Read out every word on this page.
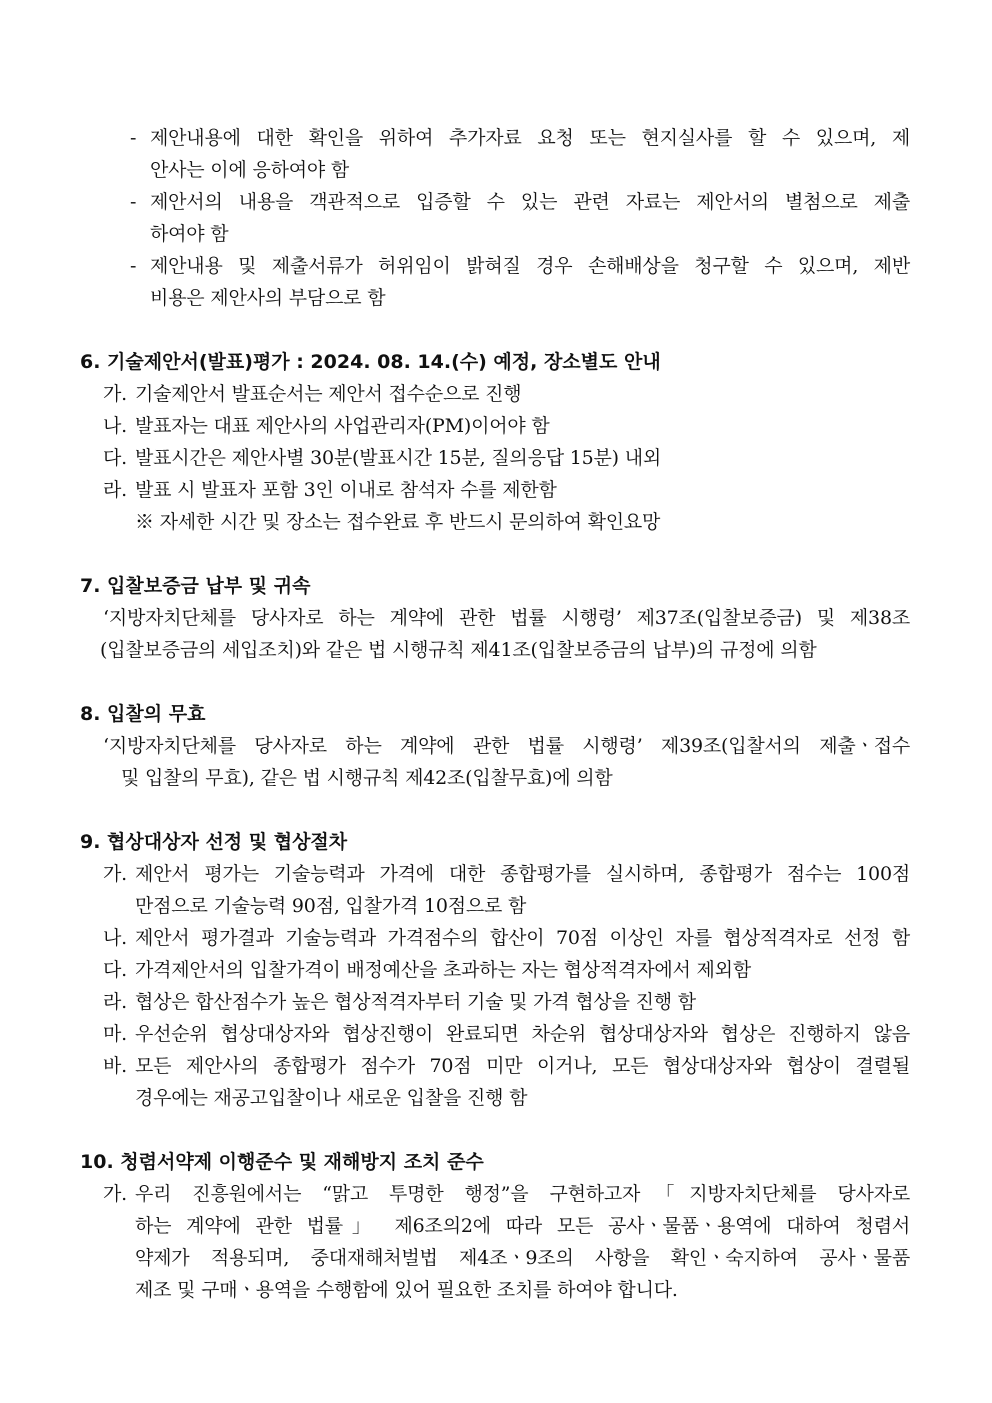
- 제안내용에 대한 확인을 위하여 추가자료 요청 또는 현지실사를 할 수 있으며, 제
안사는 이에 응하여야 함
- 제안서의 내용을 객관적으로 입증할 수 있는 관련 자료는 제안서의 별첨으로 제출
하여야 함
- 제안내용 및 제출서류가 허위임이 밝혀질 경우 손해배상을 청구할 수 있으며, 제반
비용은 제안사의 부담으로 함
6. 기술제안서(발표)평가 : 2024. 08. 14.(수) 예정, 장소별도 안내
가. 기술제안서 발표순서는 제안서 접수순으로 진행
나. 발표자는 대표 제안사의 사업관리자(PM)이어야 함
다. 발표시간은 제안사별 30분(발표시간 15분, 질의응답 15분) 내외
라. 발표 시 발표자 포함 3인 이내로 참석자 수를 제한함
※ 자세한 시간 및 장소는 접수완료 후 반드시 문의하여 확인요망
7. 입찰보증금 납부 및 귀속
‘지방자치단체를 당사자로 하는 계약에 관한 법률 시행령’ 제37조(입찰보증금) 및 제38조
(입찰보증금의 세입조치)와 같은 법 시행규칙 제41조(입찰보증금의 납부)의 규정에 의함
8. 입찰의 무효
‘지방자치단체를 당사자로 하는 계약에 관한 법률 시행령’ 제39조(입찰서의 제출ㆍ접수
및 입찰의 무효), 같은 법 시행규칙 제42조(입찰무효)에 의함
9. 협상대상자 선정 및 협상절차
가. 제안서 평가는 기술능력과 가격에 대한 종합평가를 실시하며, 종합평가 점수는 100점
만점으로 기술능력 90점, 입찰가격 10점으로 함
나. 제안서 평가결과 기술능력과 가격점수의 합산이 70점 이상인 자를 협상적격자로 선정 함
다. 가격제안서의 입찰가격이 배정예산을 초과하는 자는 협상적격자에서 제외함
라. 협상은 합산점수가 높은 협상적격자부터 기술 및 가격 협상을 진행 함
마. 우선순위 협상대상자와 협상진행이 완료되면 차순위 협상대상자와 협상은 진행하지 않음
바. 모든 제안사의 종합평가 점수가 70점 미만 이거나, 모든 협상대상자와 협상이 결렬될
경우에는 재공고입찰이나 새로운 입찰을 진행 함
10. 청렴서약제 이행준수 및 재해방지 조치 준수
가. 우리 진흥원에서는 “맑고 투명한 행정”을 구현하고자「지방자치단체를 당사자로
하는 계약에 관한 법률」 제6조의2에 따라 모든 공사ㆍ물품ㆍ용역에 대하여 청렴서
약제가 적용되며, 중대재해처벌법 제4조ㆍ9조의 사항을 확인ㆍ숙지하여 공사ㆍ물품
제조 및 구매ㆍ용역을 수행함에 있어 필요한 조치를 하여야 합니다.
